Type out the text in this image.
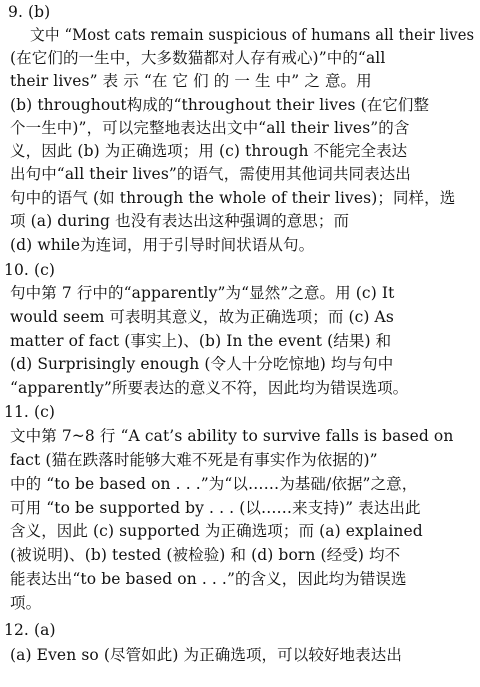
9. (b)
文中 “Most cats remain suspicious of humans all their lives
(在它们的一生中，大多数猫都对人存有戒心)”中的“all
their lives” 表 示 “在 它 们 的 一 生 中” 之 意。用
(b) throughout构成的“throughout their lives (在它们整
个一生中)”，可以完整地表达出文中“all their lives”的含
义，因此 (b) 为正确选项；用 (c) through 不能完全表达
出句中“all their lives”的语气，需使用其他词共同表达出
句中的语气 (如 through the whole of their lives)；同样，选
项 (a) during 也没有表达出这种强调的意思；而
(d) while为连词，用于引导时间状语从句。
10. (c)
句中第 7 行中的“apparently”为“显然”之意。用 (c) It
would seem 可表明其意义，故为正确选项；而 (c) As
matter of fact (事实上)、(b) In the event (结果) 和
(d) Surprisingly enough (令人十分吃惊地) 均与句中
“apparently”所要表达的意义不符，因此均为错误选项。
11. (c)
文中第 7~8 行 “A cat’s ability to survive falls is based on
fact (猫在跌落时能够大难不死是有事实作为依据的)”
中的 “to be based on . . .”为“以……为基础/依据”之意，
可用 “to be supported by . . . (以……来支持)” 表达出此
含义，因此 (c) supported 为正确选项；而 (a) explained
(被说明)、(b) tested (被检验) 和 (d) born (经受) 均不
能表达出“to be based on . . .”的含义，因此均为错误选
项。
12. (a)
(a) Even so (尽管如此) 为正确选项，可以较好地表达出
